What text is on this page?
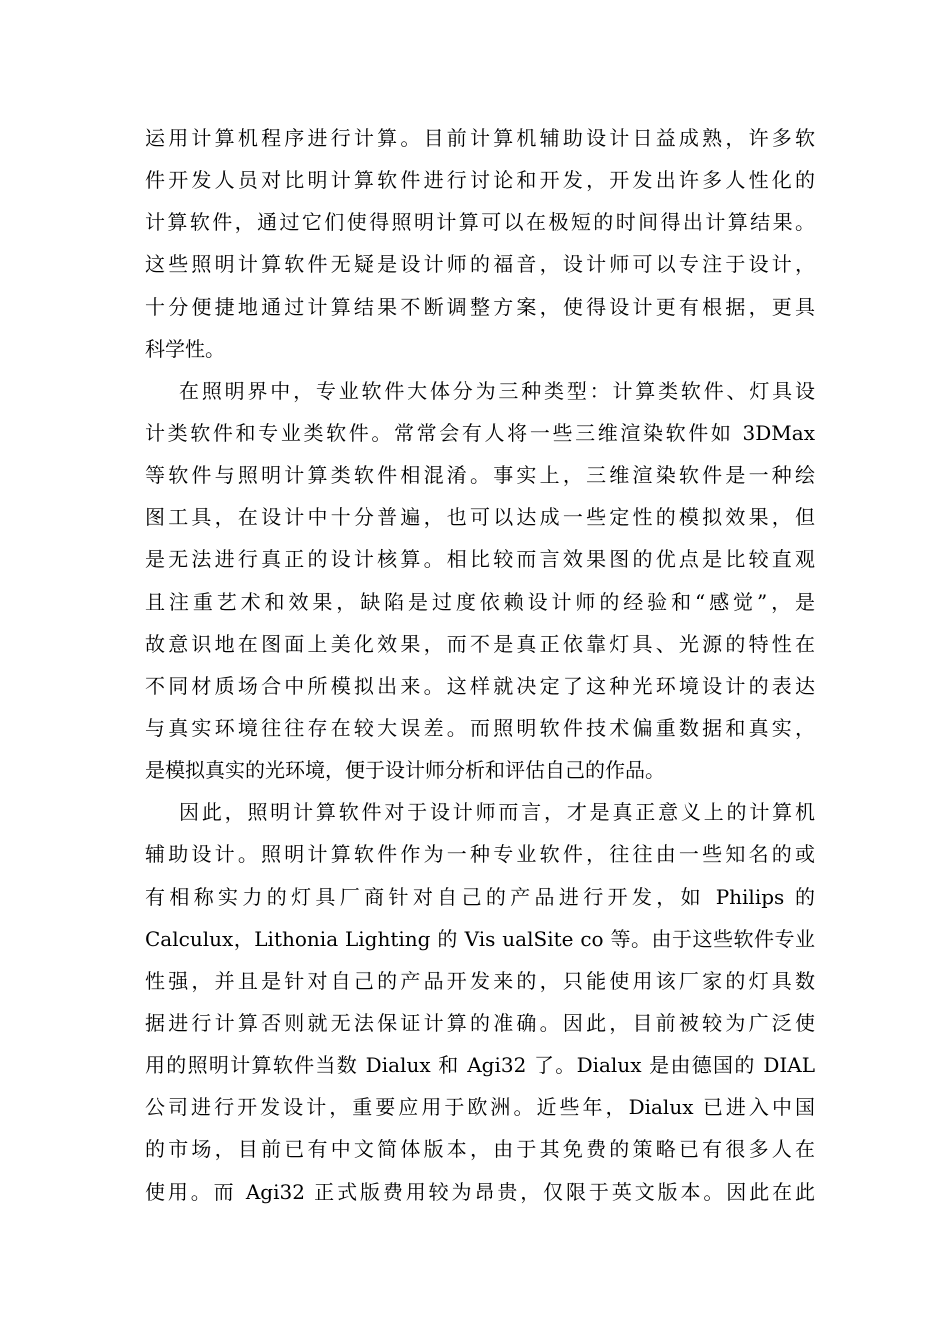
运用计算机程序进行计算。目前计算机辅助设计日益成熟，许多软
件开发人员对比明计算软件进行讨论和开发，开发出许多人性化的
计算软件，通过它们使得照明计算可以在极短的时间得出计算结果。
这些照明计算软件无疑是设计师的福音，设计师可以专注于设计，
十分便捷地通过计算结果不断调整方案，使得设计更有根据，更具
科学性。
在照明界中，专业软件大体分为三种类型：计算类软件、灯具设
计类软件和专业类软件。常常会有人将一些三维渲染软件如 3DMax
等软件与照明计算类软件相混淆。事实上，三维渲染软件是一种绘
图工具，在设计中十分普遍，也可以达成一些定性的模拟效果，但
是无法进行真正的设计核算。相比较而言效果图的优点是比较直观
且注重艺术和效果，缺陷是过度依赖设计师的经验和“感觉”，是
故意识地在图面上美化效果，而不是真正依靠灯具、光源的特性在
不同材质场合中所模拟出来。这样就决定了这种光环境设计的表达
与真实环境往往存在较大误差。而照明软件技术偏重数据和真实，
是模拟真实的光环境，便于设计师分析和评估自己的作品。
因此，照明计算软件对于设计师而言，才是真正意义上的计算机
辅助设计。照明计算软件作为一种专业软件，往往由一些知名的或
有相称实力的灯具厂商针对自己的产品进行开发，如 Philips 的
Calculux，Lithonia Lighting 的 Vis ualSite co 等。由于这些软件专业
性强，并且是针对自己的产品开发来的，只能使用该厂家的灯具数
据进行计算否则就无法保证计算的准确。因此，目前被较为广泛使
用的照明计算软件当数 Dialux 和 Agi32 了。Dialux 是由德国的 DIAL
公司进行开发设计，重要应用于欧洲。近些年，Dialux 已进入中国
的市场，目前已有中文简体版本，由于其免费的策略已有很多人在
使用。而 Agi32 正式版费用较为昂贵，仅限于英文版本。因此在此
